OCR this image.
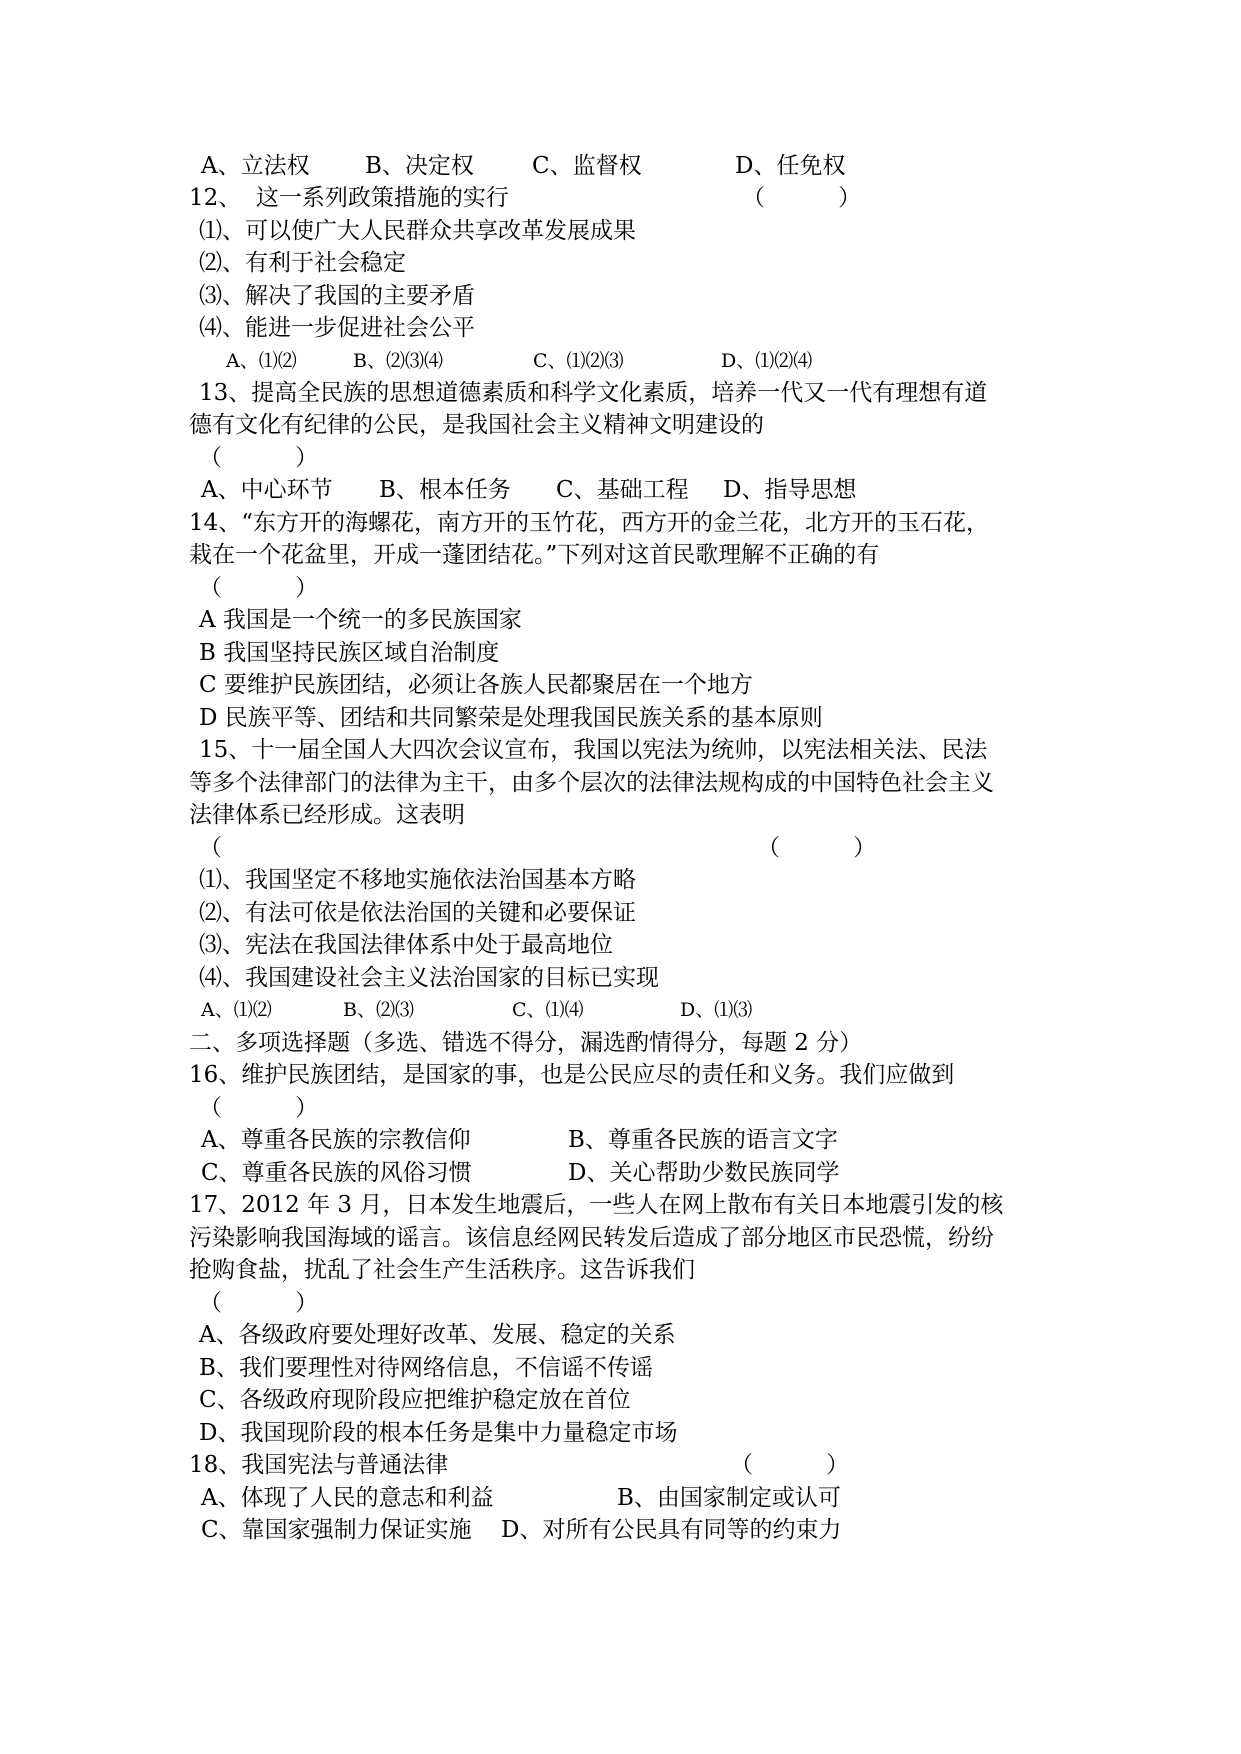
A、立法权

B、决定权

	C、监督权

	D、任免权

12、  这一系列政策措施的实行

	（          ）

⑴、可以使广大人民群众共享改革发展成果
⑵、有利于社会稳定
⑶、解决了我国的主要矛盾
⑷、能进一步促进社会公平

A、⑴⑵

	B、⑵⑶⑷

	C、⑴⑵⑶

	D、⑴⑵⑷

13、提高全民族的思想道德素质和科学文化素质，培养一代又一代有理想有道
德有文化有纪律的公民，是我国社会主义精神文明建设的
（          ）

A、中心环节

B、根本任务

C、基础工程

D、指导思想

14、“东方开的海螺花，南方开的玉竹花，西方开的金兰花，北方开的玉石花，
栽在一个花盆里，开成一蓬团结花。”下列对这首民歌理解不正确的有
（          ）
A 我国是一个统一的多民族国家
B 我国坚持民族区域自治制度
C 要维护民族团结，必须让各族人民都聚居在一个地方
D 民族平等、团结和共同繁荣是处理我国民族关系的基本原则
15、十一届全国人大四次会议宣布，我国以宪法为统帅，以宪法相关法、民法
等多个法律部门的法律为主干，由多个层次的法律法规构成的中国特色社会主义
法律体系已经形成。这表明

（

	（          ）

⑴、我国坚定不移地实施依法治国基本方略
⑵、有法可依是依法治国的关键和必要保证
⑶、宪法在我国法律体系中处于最高地位
⑷、我国建设社会主义法治国家的目标已实现

A、⑴⑵

	B、⑵⑶

	C、⑴⑷

	D、⑴⑶

二、多项选择题（多选、错选不得分，漏选酌情得分，每题 2 分）
16、维护民族团结，是国家的事，也是公民应尽的责任和义务。我们应做到
（          ）

A、尊重各民族的宗教信仰

	B、尊重各民族的语言文字

C、尊重各民族的风俗习惯

	D、关心帮助少数民族同学

17、2012 年 3 月，日本发生地震后，一些人在网上散布有关日本地震引发的核
污染影响我国海域的谣言。该信息经网民转发后造成了部分地区市民恐慌，纷纷
抢购食盐，扰乱了社会生产生活秩序。这告诉我们
（          ）
A、各级政府要处理好改革、发展、稳定的关系
B、我们要理性对待网络信息，不信谣不传谣
C、各级政府现阶段应把维护稳定放在首位
D、我国现阶段的根本任务是集中力量稳定市场

18、我国宪法与普通法律

	（          ）

A、体现了人民的意志和利益

	B、由国家制定或认可

C、靠国家强制力保证实施

D、对所有公民具有同等的约束力
